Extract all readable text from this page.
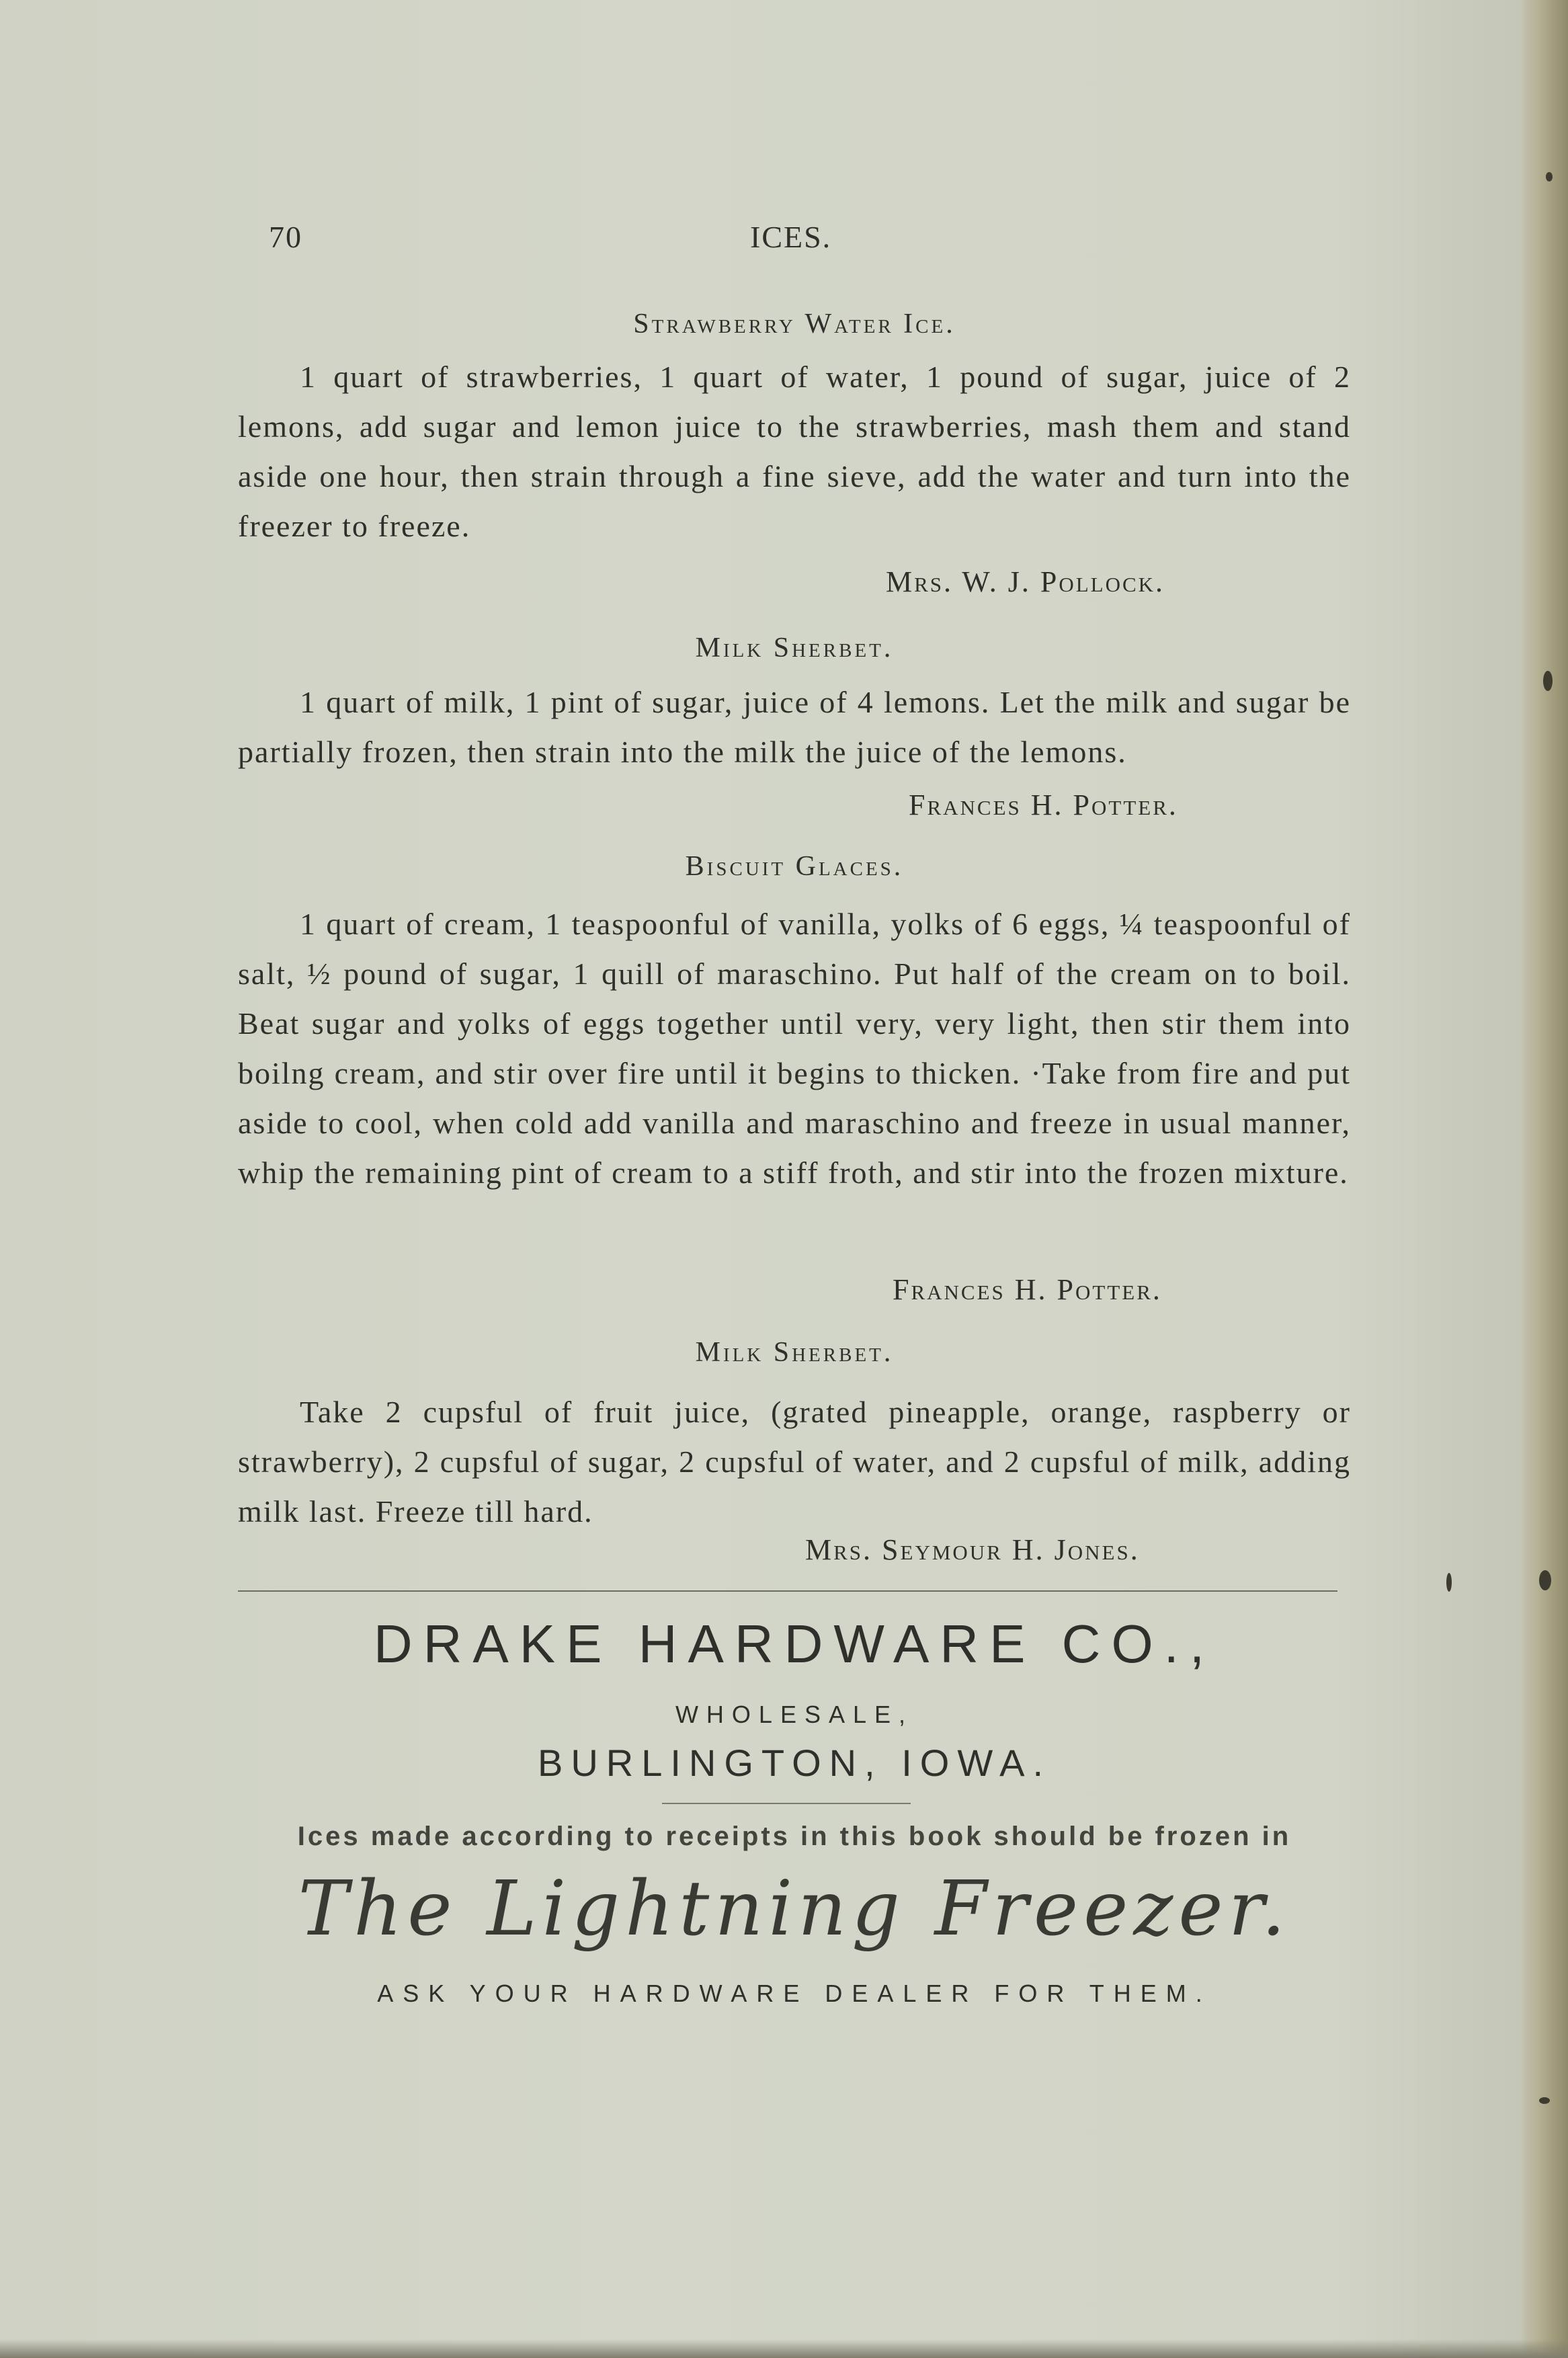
70	ICES.
Strawberry Water Ice.
1 quart of strawberries, 1 quart of water, 1 pound of sugar, juice of 2 lemons, add sugar and lemon juice to the strawberries, mash them and stand aside one hour, then strain through a fine sieve, add the water and turn into the freezer to freeze.
Mrs. W. J. Pollock.
Milk Sherbet.
1 quart of milk, 1 pint of sugar, juice of 4 lemons. Let the milk and sugar be partially frozen, then strain into the milk the juice of the lemons.
Frances H. Potter.
Biscuit Glaces.
1 quart of cream, 1 teaspoonful of vanilla, yolks of 6 eggs, ¼ teaspoonful of salt, ½ pound of sugar, 1 quill of maraschino. Put half of the cream on to boil. Beat sugar and yolks of eggs together until very, very light, then stir them into boilng cream, and stir over fire until it begins to thicken. ·Take from fire and put aside to cool, when cold add vanilla and maraschino and freeze in usual manner, whip the remaining pint of cream to a stiff froth, and stir into the frozen mixture.
Frances H. Potter.
Milk Sherbet.
Take 2 cupsful of fruit juice, (grated pineapple, orange, raspberry or strawberry), 2 cupsful of sugar, 2 cupsful of water, and 2 cupsful of milk, adding milk last. Freeze till hard.
Mrs. Seymour H. Jones.
DRAKE HARDWARE CO.,
WHOLESALE,
BURLINGTON, IOWA.
Ices made according to receipts in this book should be frozen in
The Lightning Freezer.
ASK YOUR HARDWARE DEALER FOR THEM.
